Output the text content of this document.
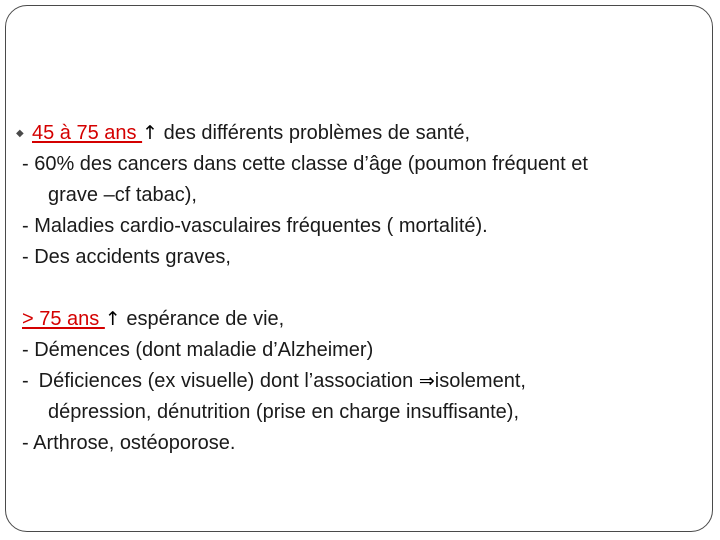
◆ 45 à 75 ans ↑ des différents problèmes de santé,
- 60% des cancers dans cette classe d’âge (poumon fréquent et
grave –cf tabac),
- Maladies cardio-vasculaires fréquentes ( mortalité).
- Des accidents graves,
> 75 ans ↑ espérance de vie,
- Démences (dont maladie d’Alzheimer)
- Déficiences (ex visuelle) dont l’association ⇒isolement,
dépression, dénutrition (prise en charge insuffisante),
- Arthrose, ostéoporose.
